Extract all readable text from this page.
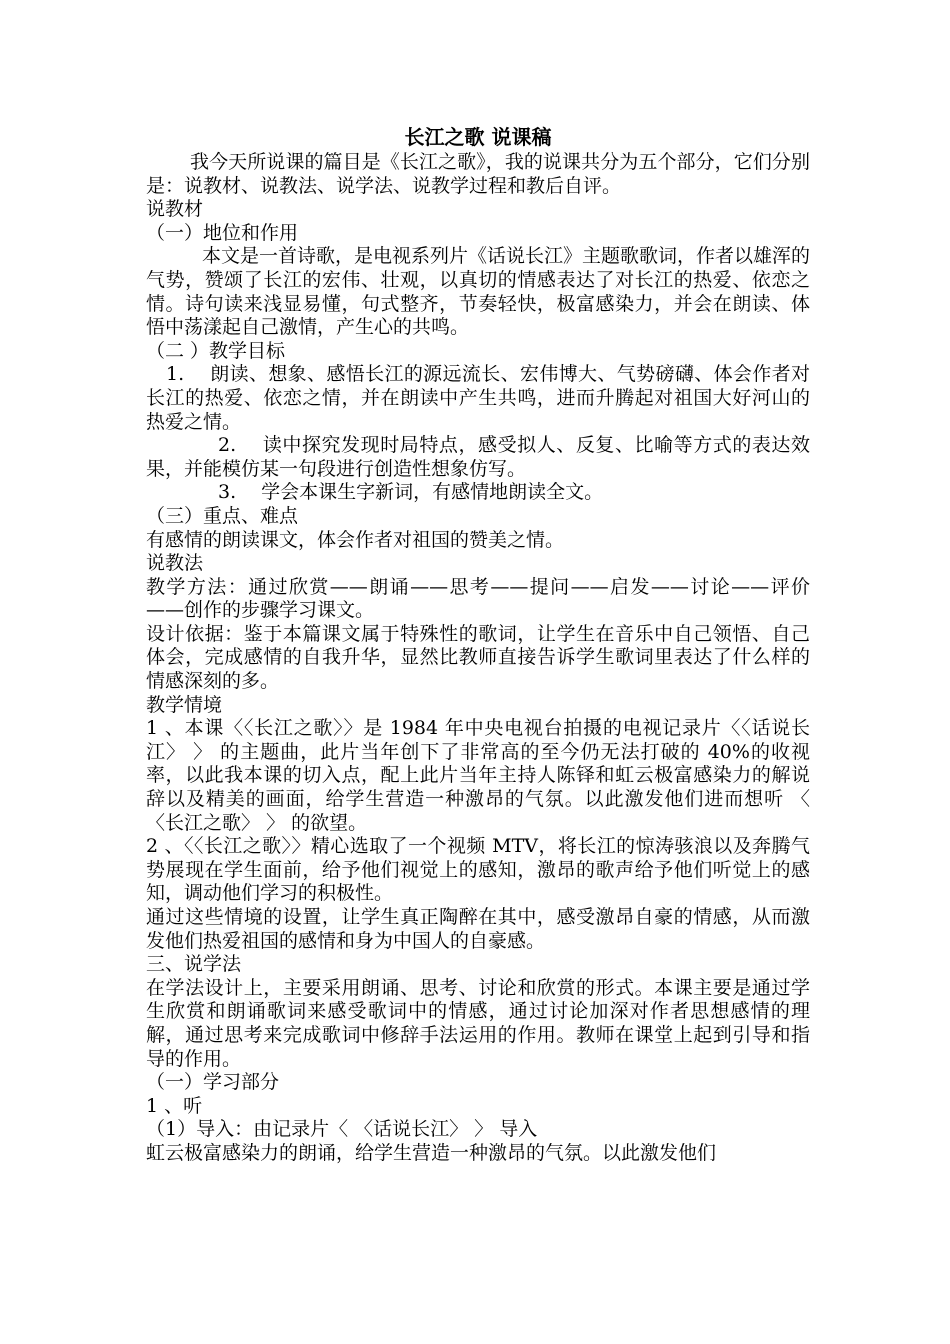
长江之歌 说课稿

我今天所说课的篇目是《长江之歌》，我的说课共分为五个部分，它们分别是：说教材、说教法、说学法、说教学过程和教后自评。

说教材

（一）地位和作用

本文是一首诗歌，是电视系列片《话说长江》主题歌歌词，作者以雄浑的气势，赞颂了长江的宏伟、壮观，以真切的情感表达了对长江的热爱、依恋之情。诗句读来浅显易懂，句式整齐，节奏轻快，极富感染力，并会在朗读、体悟中荡漾起自己激情，产生心的共鸣。

（二 ）教学目标

1.　 朗读、想象、感悟长江的源远流长、宏伟博大、气势磅礴、体会作者对长江的热爱、依恋之情，并在朗读中产生共鸣，进而升腾起对祖国大好河山的热爱之情。

2.　 读中探究发现时局特点，感受拟人、反复、比喻等方式的表达效果，并能模仿某一句段进行创造性想象仿写。

3.　 学会本课生字新词，有感情地朗读全文。

（三）重点、难点

有感情的朗读课文，体会作者对祖国的赞美之情。

说教法

教学方法：通过欣赏——朗诵——思考——提问——启发——讨论——评价——创作的步骤学习课文。

设计依据：鉴于本篇课文属于特殊性的歌词，让学生在音乐中自己领悟、自己体会，完成感情的自我升华，显然比教师直接告诉学生歌词里表达了什么样的情感深刻的多。

教学情境

1 、本课〈〈长江之歌〉〉是 1984 年中央电视台拍摄的电视记录片〈〈话说长江〉 〉 的主题曲，此片当年创下了非常高的至今仍无法打破的 40%的收视率，以此我本课的切入点，配上此片当年主持人陈铎和虹云极富感染力的解说辞以及精美的画面，给学生营造一种激昂的气氛。以此激发他们进而想听 〈 〈长江之歌〉 〉 的欲望。

2 、〈〈长江之歌〉〉精心选取了一个视频 MTV，将长江的惊涛骇浪以及奔腾气势展现在学生面前，给予他们视觉上的感知，激昂的歌声给予他们听觉上的感知，调动他们学习的积极性。

通过这些情境的设置，让学生真正陶醉在其中，感受激昂自豪的情感，从而激发他们热爱祖国的感情和身为中国人的自豪感。

三、说学法

在学法设计上，主要采用朗诵、思考、讨论和欣赏的形式。本课主要是通过学生欣赏和朗诵歌词来感受歌词中的情感，通过讨论加深对作者思想感情的理解，通过思考来完成歌词中修辞手法运用的作用。教师在课堂上起到引导和指导的作用。

（一）学习部分

1 、听

（1）导入：由记录片〈 〈话说长江〉 〉 导入

虹云极富感染力的朗诵，给学生营造一种激昂的气氛。以此激发他们
